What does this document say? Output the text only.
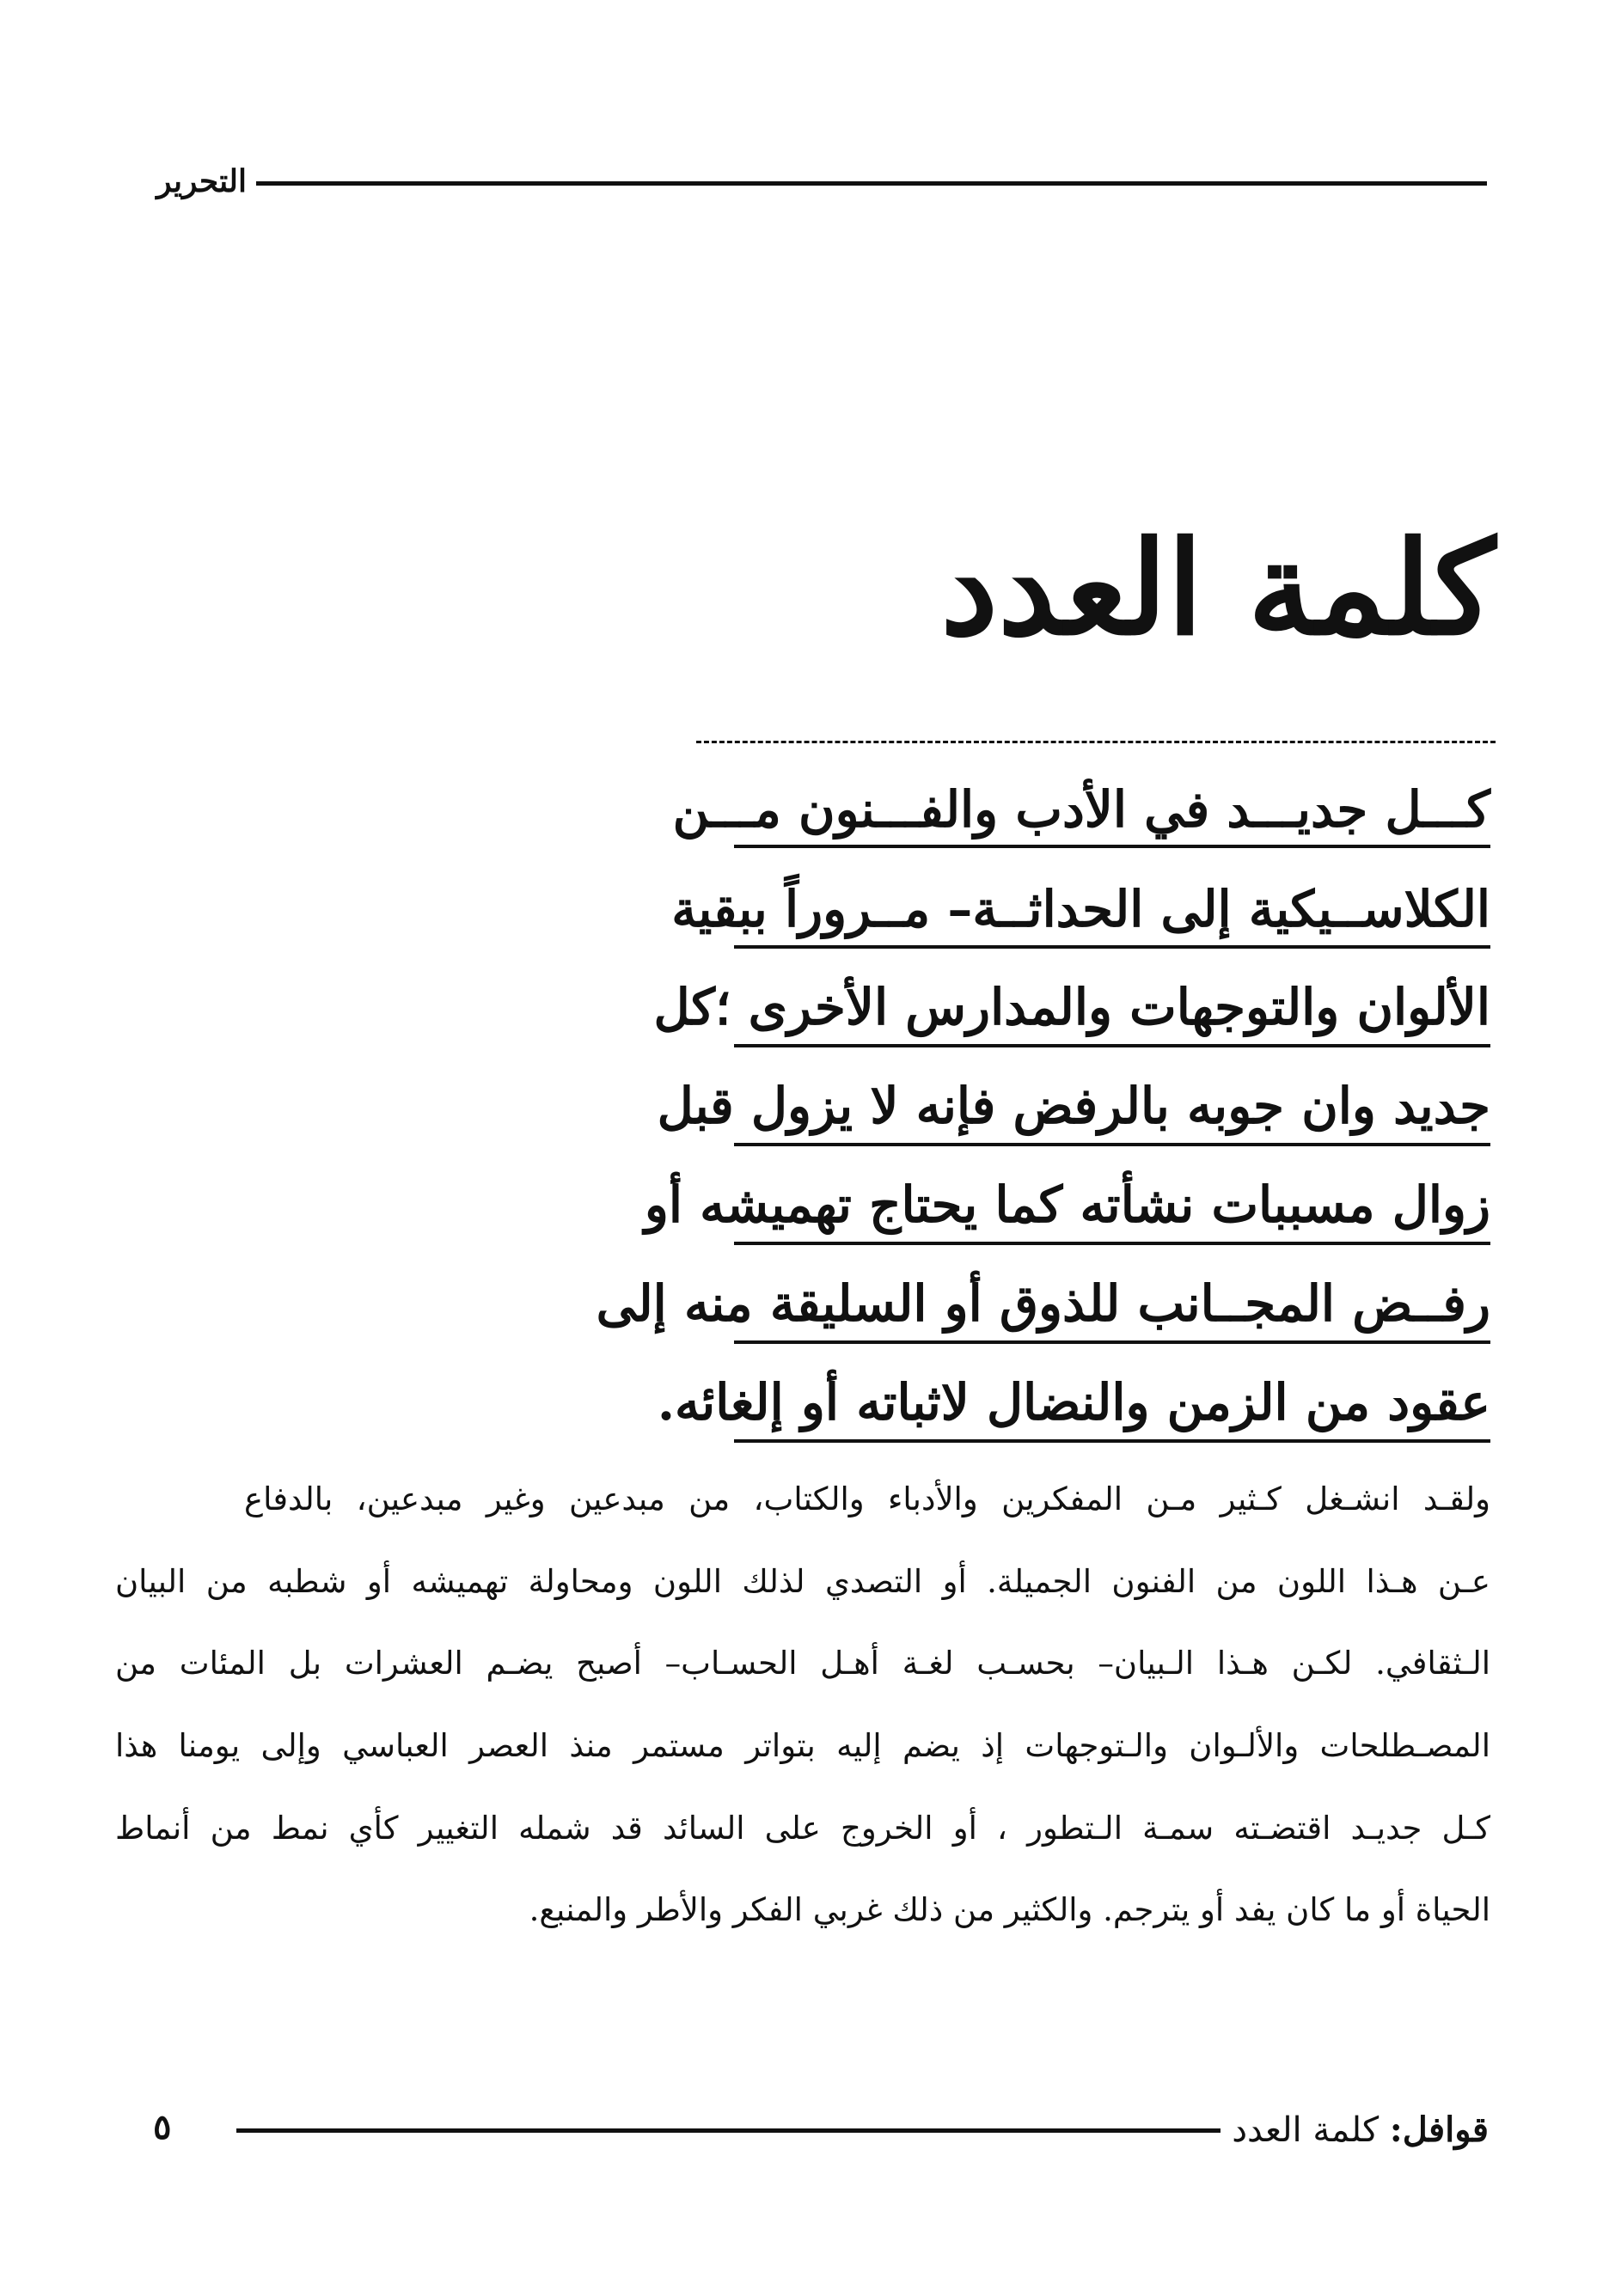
التحرير
كلمة العدد
كـــل جديـــد في الأدب والفـــنون مـــن
الكلاســيكية إلى الحداثــة– مــروراً ببقية
الألوان والتوجهات والمدارس الأخرى ؛كل
جديد وان جوبه بالرفض فإنه لا يزول قبل
زوال مسببات نشأته كما يحتاج تهميشه أو
رفــض المجــانب للذوق أو السليقة منه إلى
عقود من الزمن والنضال لاثباته أو إلغائه.
ولقـد انشـغل كـثير مـن المفكرين والأدباء والكتاب، من مبدعين وغير مبدعين، بالدفاع
عـن هـذا اللون من الفنون الجميلة. أو التصدي لذلك اللون ومحاولة تهميشه أو شطبه من البيان
الـثقافي. لكـن هـذا الـبيان– بحسـب لغـة أهـل الحسـاب– أصبح يضـم العشرات بل المئات من
المصـطلحات والألـوان والـتوجهات إذ يضم إليه بتواتر مستمر منذ العصر العباسي وإلى يومنا هذا
كـل جديـد اقتضـته سمـة الـتطور ، أو الخروج على السائد قد شمله التغيير كأي نمط من أنماط
الحياة أو ما كان يفد أو يترجم. والكثير من ذلك غربي الفكر والأطر والمنبع.
قوافل: كلمة العدد
٥
